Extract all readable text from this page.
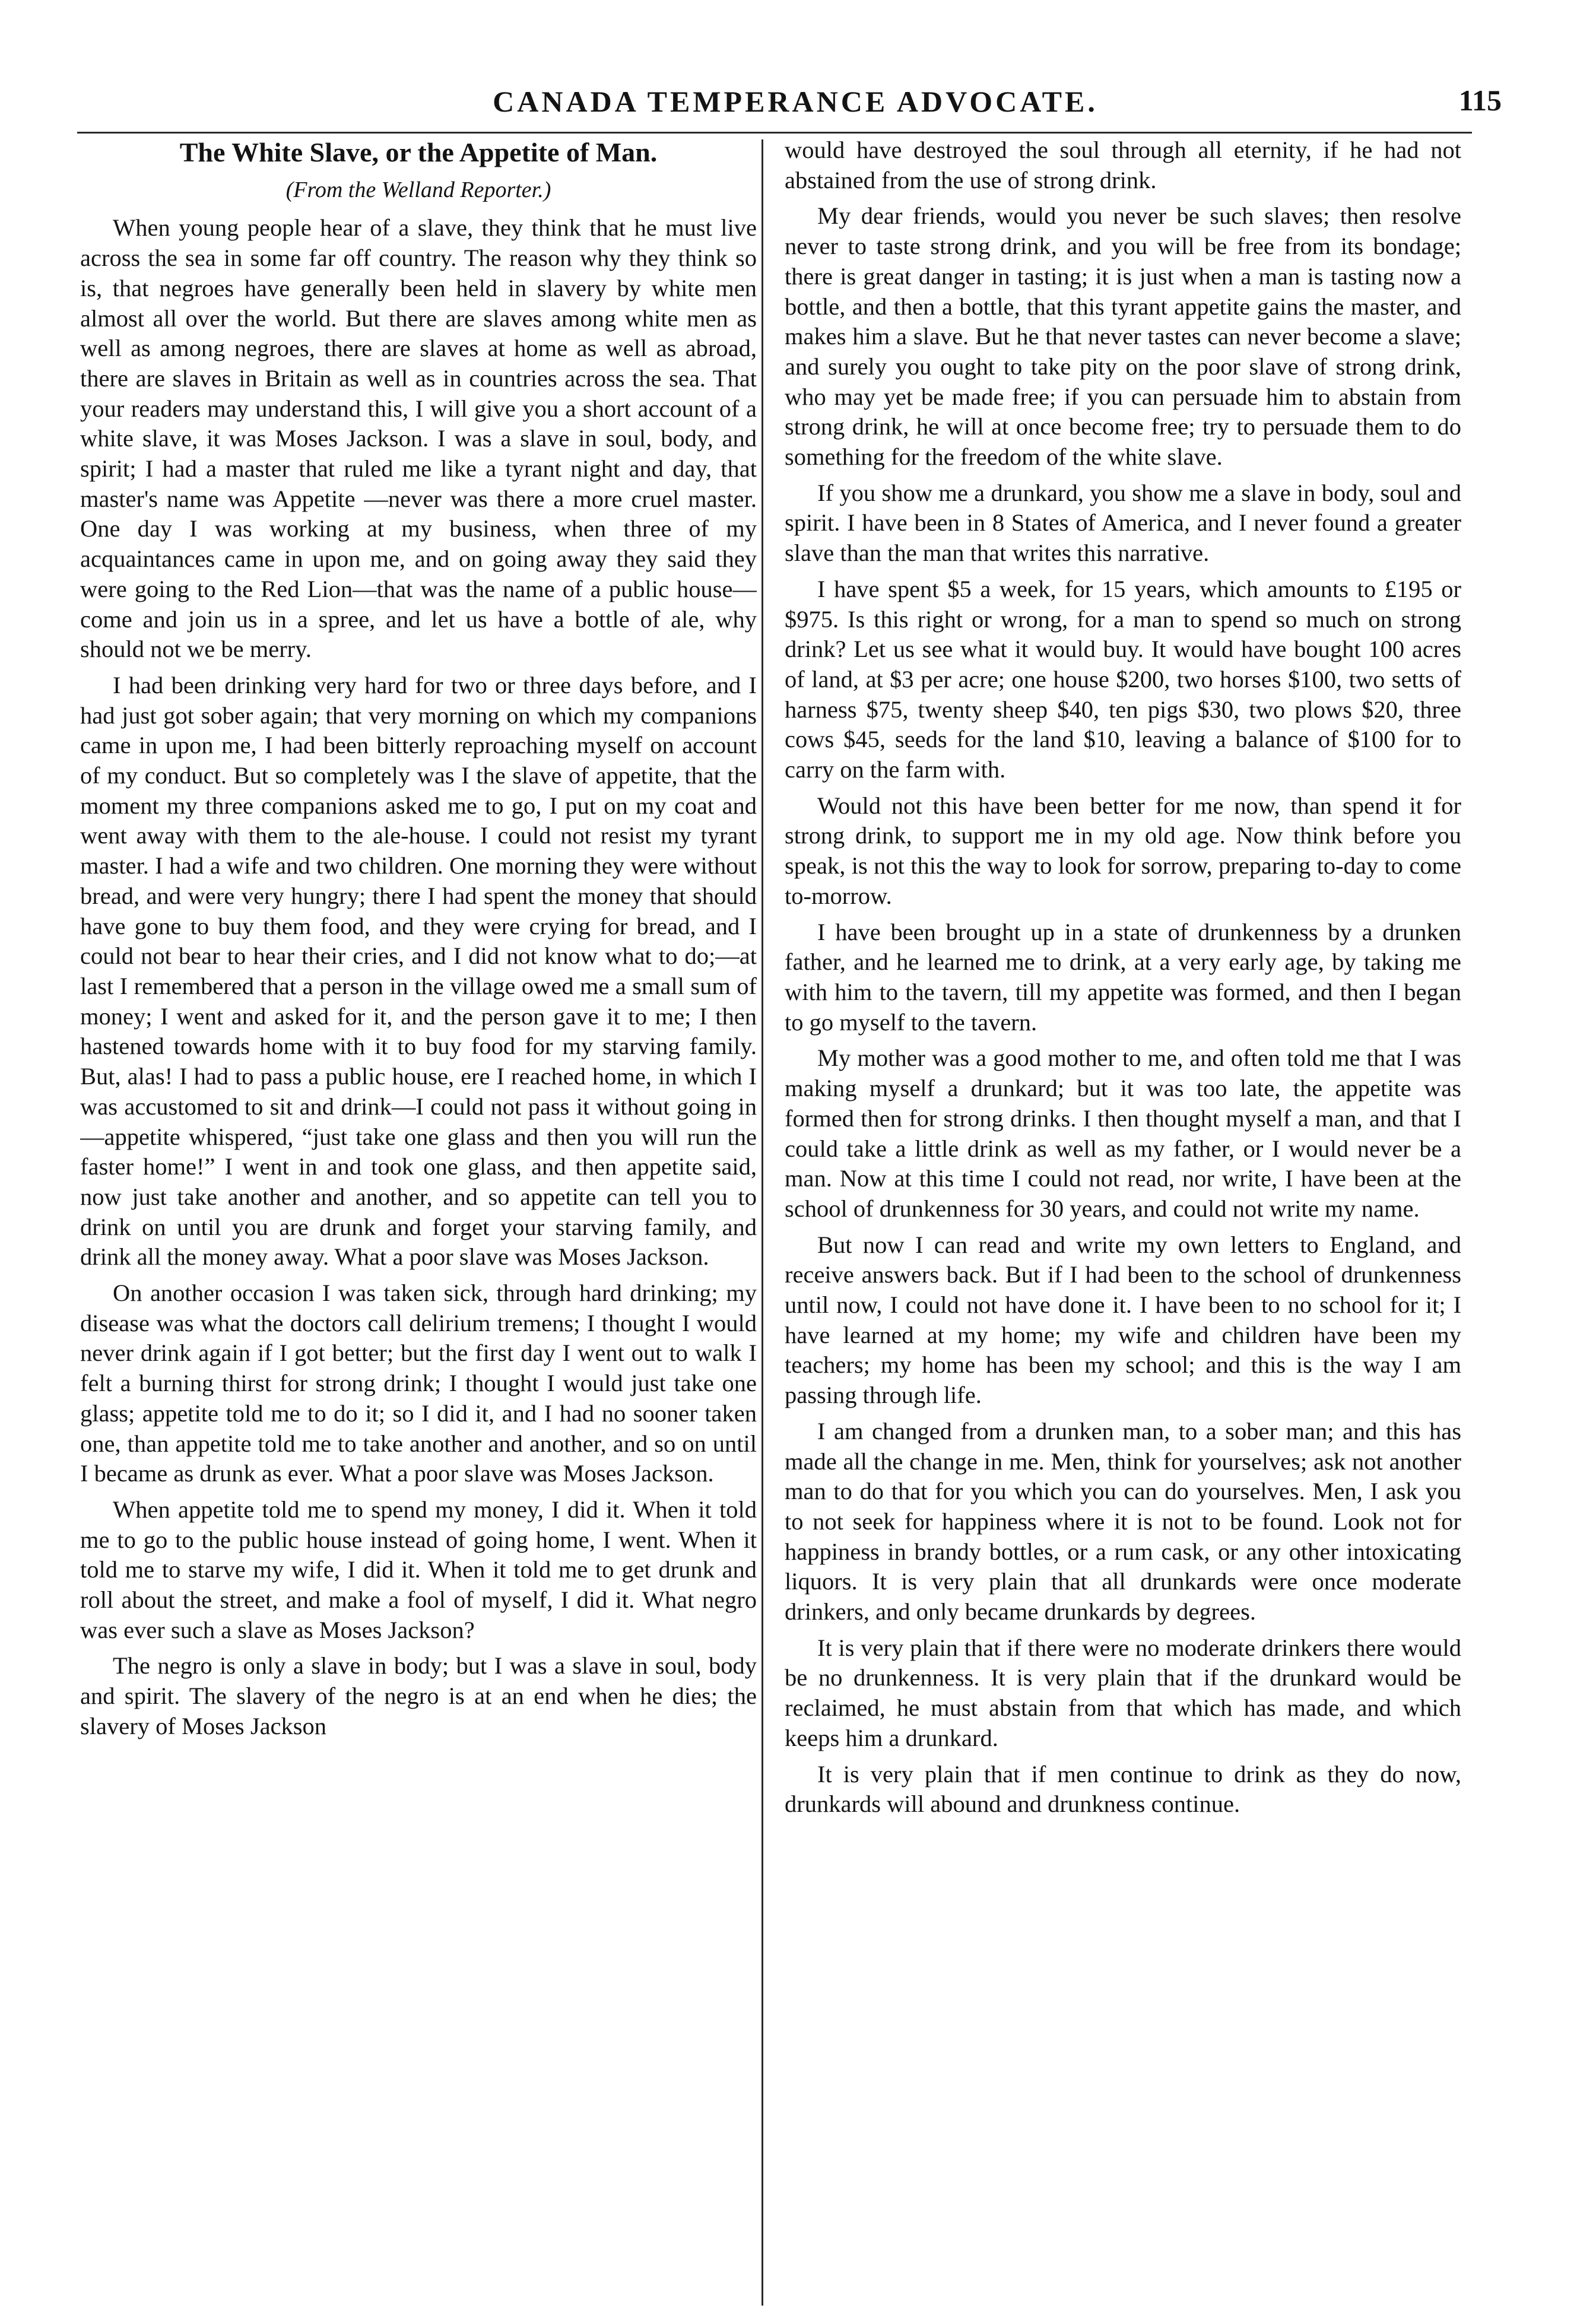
CANADA TEMPERANCE ADVOCATE.	115
The White Slave, or the Appetite of Man.
(From the Welland Reporter.)

When young people hear of a slave, they think that he must live across the sea in some far off country. The reason why they think so is, that negroes have generally been held in slavery by white men almost all over the world. But there are slaves among white men as well as among negroes, there are slaves at home as well as abroad, there are slaves in Britain as well as in countries across the sea. That your readers may understand this, I will give you a short account of a white slave, it was Moses Jackson. I was a slave in soul, body, and spirit; I had a master that ruled me like a tyrant night and day, that master's name was Appetite —never was there a more cruel master. One day I was working at my business, when three of my acquaintances came in upon me, and on going away they said they were going to the Red Lion—that was the name of a public house—come and join us in a spree, and let us have a bottle of ale, why should not we be merry.

I had been drinking very hard for two or three days before, and I had just got sober again; that very morning on which my companions came in upon me, I had been bitterly reproaching myself on account of my conduct. But so completely was I the slave of appetite, that the moment my three companions asked me to go, I put on my coat and went away with them to the ale-house. I could not resist my tyrant master. I had a wife and two children. One morning they were without bread, and were very hungry; there I had spent the money that should have gone to buy them food, and they were crying for bread, and I could not bear to hear their cries, and I did not know what to do;—at last I remembered that a person in the village owed me a small sum of money; I went and asked for it, and the person gave it to me; I then hastened towards home with it to buy food for my starving family. But, alas! I had to pass a public house, ere I reached home, in which I was accustomed to sit and drink—I could not pass it without going in—appetite whispered, “just take one glass and then you will run the faster home!” I went in and took one glass, and then appetite said, now just take another and another, and so appetite can tell you to drink on until you are drunk and forget your starving family, and drink all the money away. What a poor slave was Moses Jackson.

On another occasion I was taken sick, through hard drinking; my disease was what the doctors call delirium tremens; I thought I would never drink again if I got better; but the first day I went out to walk I felt a burning thirst for strong drink; I thought I would just take one glass; appetite told me to do it; so I did it, and I had no sooner taken one, than appetite told me to take another and another, and so on until I became as drunk as ever. What a poor slave was Moses Jackson.

When appetite told me to spend my money, I did it. When it told me to go to the public house instead of going home, I went. When it told me to starve my wife, I did it. When it told me to get drunk and roll about the street, and make a fool of myself, I did it. What negro was ever such a slave as Moses Jackson?

The negro is only a slave in body; but I was a slave in soul, body and spirit. The slavery of the negro is at an end when he dies; the slavery of Moses Jackson

would have destroyed the soul through all eternity, if he had not abstained from the use of strong drink.

My dear friends, would you never be such slaves; then resolve never to taste strong drink, and you will be free from its bondage; there is great danger in tasting; it is just when a man is tasting now a bottle, and then a bottle, that this tyrant appetite gains the master, and makes him a slave. But he that never tastes can never become a slave; and surely you ought to take pity on the poor slave of strong drink, who may yet be made free; if you can persuade him to abstain from strong drink, he will at once become free; try to persuade them to do something for the freedom of the white slave.

If you show me a drunkard, you show me a slave in body, soul and spirit. I have been in 8 States of America, and I never found a greater slave than the man that writes this narrative.

I have spent $5 a week, for 15 years, which amounts to £195 or $975. Is this right or wrong, for a man to spend so much on strong drink? Let us see what it would buy. It would have bought 100 acres of land, at $3 per acre; one house $200, two horses $100, two setts of harness $75, twenty sheep $40, ten pigs $30, two plows $20, three cows $45, seeds for the land $10, leaving a balance of $100 for to carry on the farm with.

Would not this have been better for me now, than spend it for strong drink, to support me in my old age. Now think before you speak, is not this the way to look for sorrow, preparing to-day to come to-morrow.

I have been brought up in a state of drunkenness by a drunken father, and he learned me to drink, at a very early age, by taking me with him to the tavern, till my appetite was formed, and then I began to go myself to the tavern.

My mother was a good mother to me, and often told me that I was making myself a drunkard; but it was too late, the appetite was formed then for strong drinks. I then thought myself a man, and that I could take a little drink as well as my father, or I would never be a man. Now at this time I could not read, nor write, I have been at the school of drunkenness for 30 years, and could not write my name.

But now I can read and write my own letters to England, and receive answers back. But if I had been to the school of drunkenness until now, I could not have done it. I have been to no school for it; I have learned at my home; my wife and children have been my teachers; my home has been my school; and this is the way I am passing through life.

I am changed from a drunken man, to a sober man; and this has made all the change in me. Men, think for yourselves; ask not another man to do that for you which you can do yourselves. Men, I ask you to not seek for happiness where it is not to be found. Look not for happiness in brandy bottles, or a rum cask, or any other intoxicating liquors. It is very plain that all drunkards were once moderate drinkers, and only became drunkards by degrees.

It is very plain that if there were no moderate drinkers there would be no drunkenness. It is very plain that if the drunkard would be reclaimed, he must abstain from that which has made, and which keeps him a drunkard.

It is very plain that if men continue to drink as they do now, drunkards will abound and drunkness continue.
